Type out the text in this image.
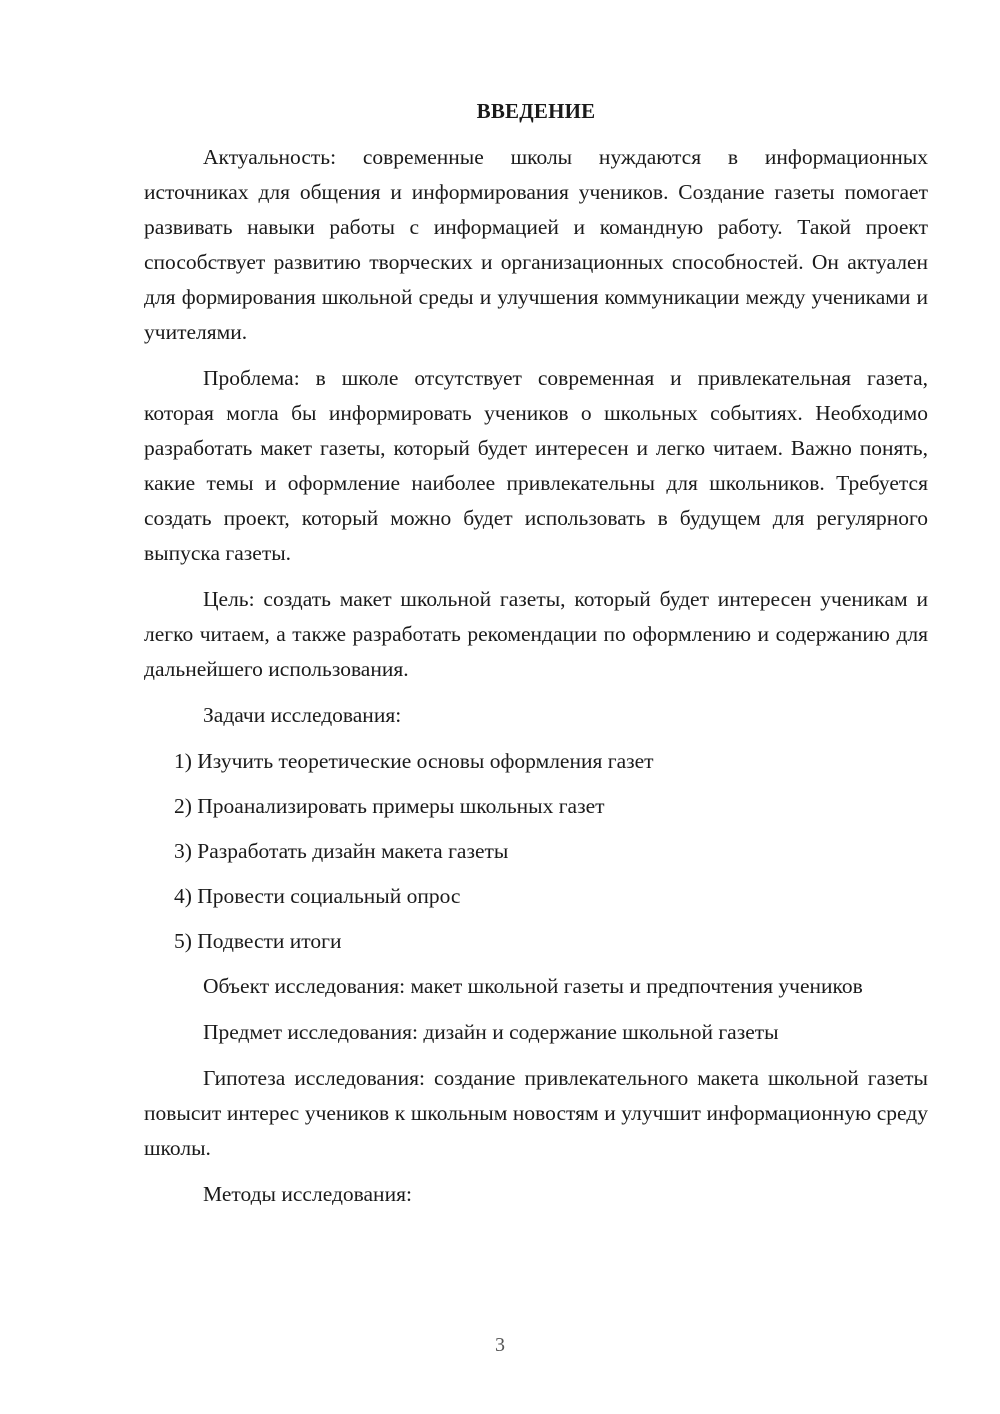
ВВЕДЕНИЕ

Актуальность: современные школы нуждаются в информационных источниках для общения и информирования учеников. Создание газеты помогает развивать навыки работы с информацией и командную работу. Такой проект способствует развитию творческих и организационных способностей. Он актуален для формирования школьной среды и улучшения коммуникации между учениками и учителями.

Проблема: в школе отсутствует современная и привлекательная газета, которая могла бы информировать учеников о школьных событиях. Необходимо разработать макет газеты, который будет интересен и легко читаем. Важно понять, какие темы и оформление наиболее привлекательны для школьников. Требуется создать проект, который можно будет использовать в будущем для регулярного выпуска газеты.

Цель: создать макет школьной газеты, который будет интересен ученикам и легко читаем, а также разработать рекомендации по оформлению и содержанию для дальнейшего использования.

Задачи исследования:

1) Изучить теоретические основы оформления газет
2) Проанализировать примеры школьных газет
3) Разработать дизайн макета газеты
4) Провести социальный опрос
5) Подвести итоги

Объект исследования: макет школьной газеты и предпочтения учеников

Предмет исследования: дизайн и содержание школьной газеты

Гипотеза исследования: создание привлекательного макета школьной газеты повысит интерес учеников к школьным новостям и улучшит информационную среду школы.

Методы исследования:

3
